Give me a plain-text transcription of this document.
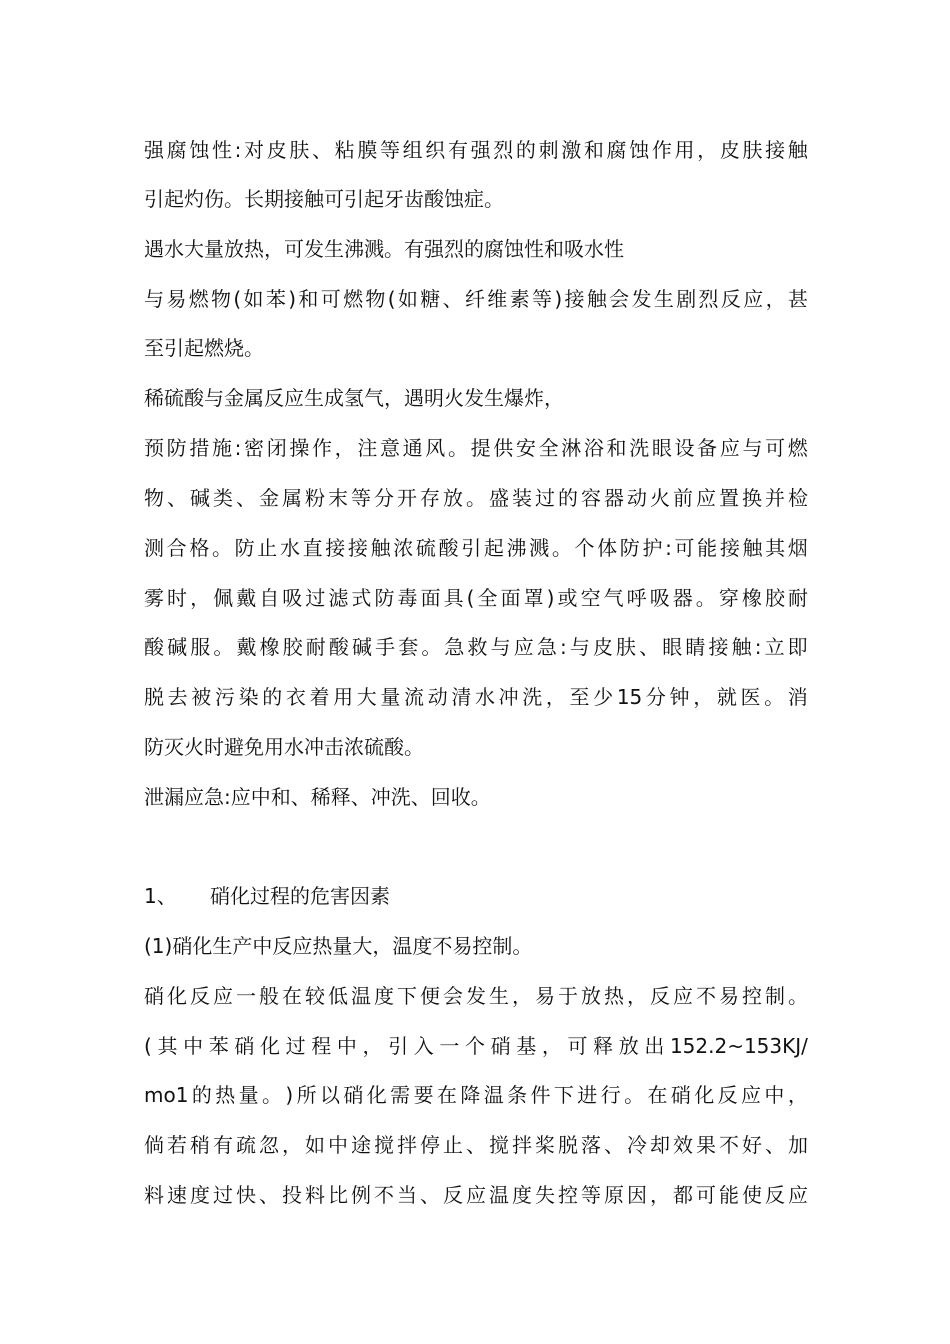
强 腐 蚀 性 : 对 皮 肤 、 粘 膜 等 组 织 有 强 烈 的 刺 激 和 腐 蚀 作 用 ， 皮 肤 接 触
引起灼伤。长期接触可引起牙齿酸蚀症。
遇水大量放热，可发生沸溅。有强烈的腐蚀性和吸水性
与 易 燃 物 ( 如 苯 ) 和 可 燃 物 ( 如 糖 、 纤 维 素 等 ) 接 触 会 发 生 剧 烈 反 应 ， 甚
至引起燃烧。
稀硫酸与金属反应生成氢气，遇明火发生爆炸，
预 防 措 施 : 密 闭 操 作 ， 注 意 通 风 。 提 供 安 全 淋 浴 和 洗 眼 设 备 应 与 可 燃
物 、 碱 类 、 金 属 粉 末 等 分 开 存 放 。 盛 装 过 的 容 器 动 火 前 应 置 换 并 检
测 合 格 。 防 止 水 直 接 接 触 浓 硫 酸 引 起 沸 溅 。 个 体 防 护 : 可 能 接 触 其 烟
雾 时 ， 佩 戴 自 吸 过 滤 式 防 毒 面 具 ( 全 面 罩 ) 或 空 气 呼 吸 器 。 穿 橡 胶 耐
酸 碱 服 。 戴 橡 胶 耐 酸 碱 手 套 。 急 救 与 应 急 : 与 皮 肤 、 眼 睛 接 触 : 立 即
脱 去 被 污 染 的 衣 着 用 大 量 流 动 清 水 冲 洗 ， 至 少 15 分 钟 ， 就 医 。 消
防灭火时避免用水冲击浓硫酸。
泄漏应急:应中和、稀释、冲洗、回收。
1、 硝化过程的危害因素
(1)硝化生产中反应热量大，温度不易控制。
硝 化 反 应 一 般 在 较 低 温 度 下 便 会 发 生 ， 易 于 放 热 ， 反 应 不 易 控 制 。
( 其 中 苯 硝 化 过 程 中 ， 引 入 一 个 硝 基 ， 可 释 放 出 152.2~153KJ/
mo1 的 热 量 。 ) 所 以 硝 化 需 要 在 降 温 条 件 下 进 行 。 在 硝 化 反 应 中 ，
倘 若 稍 有 疏 忽 ， 如 中 途 搅 拌 停 止 、 搅 拌 桨 脱 落 、 冷 却 效 果 不 好 、 加
料 速 度 过 快 、 投 料 比 例 不 当 、 反 应 温 度 失 控 等 原 因 ， 都 可 能 使 反 应
